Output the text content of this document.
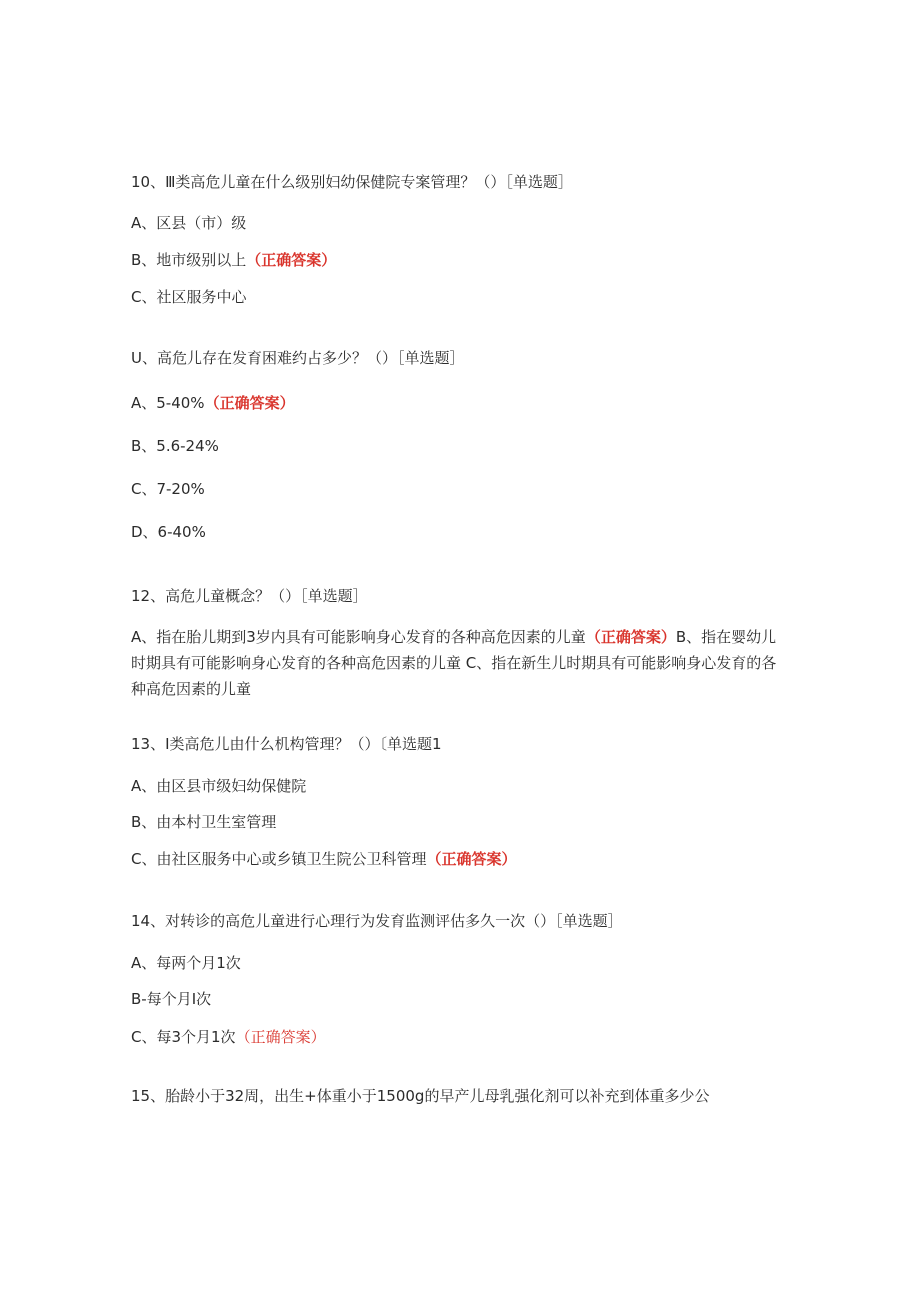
10、Ⅲ类高危儿童在什么级别妇幼保健院专案管理？（）［单选题］
A、区县（市）级
B、地市级别以上（正确答案）
C、社区服务中心
U、高危儿存在发育困难约占多少？（）［单选题］
A、5-40%（正确答案）
B、5.6-24%
C、7-20%
D、6-40%
12、高危儿童概念？（）［单选题］
A、指在胎儿期到3岁内具有可能影响身心发育的各种高危因素的儿童（正确答案）B、指在婴幼儿时期具有可能影响身心发育的各种高危因素的儿童 C、指在新生儿时期具有可能影响身心发育的各种高危因素的儿童
13、I类高危儿由什么机构管理？（）〔单选题1
A、由区县市级妇幼保健院
B、由本村卫生室管理
C、由社区服务中心或乡镇卫生院公卫科管理（正确答案）
14、对转诊的高危儿童进行心理行为发育监测评估多久一次（）［单选题］
A、每两个月1次
B-每个月I次
C、每3个月1次（正确答案）
15、胎龄小于32周，出生+体重小于1500g的早产儿母乳强化剂可以补充到体重多少公
